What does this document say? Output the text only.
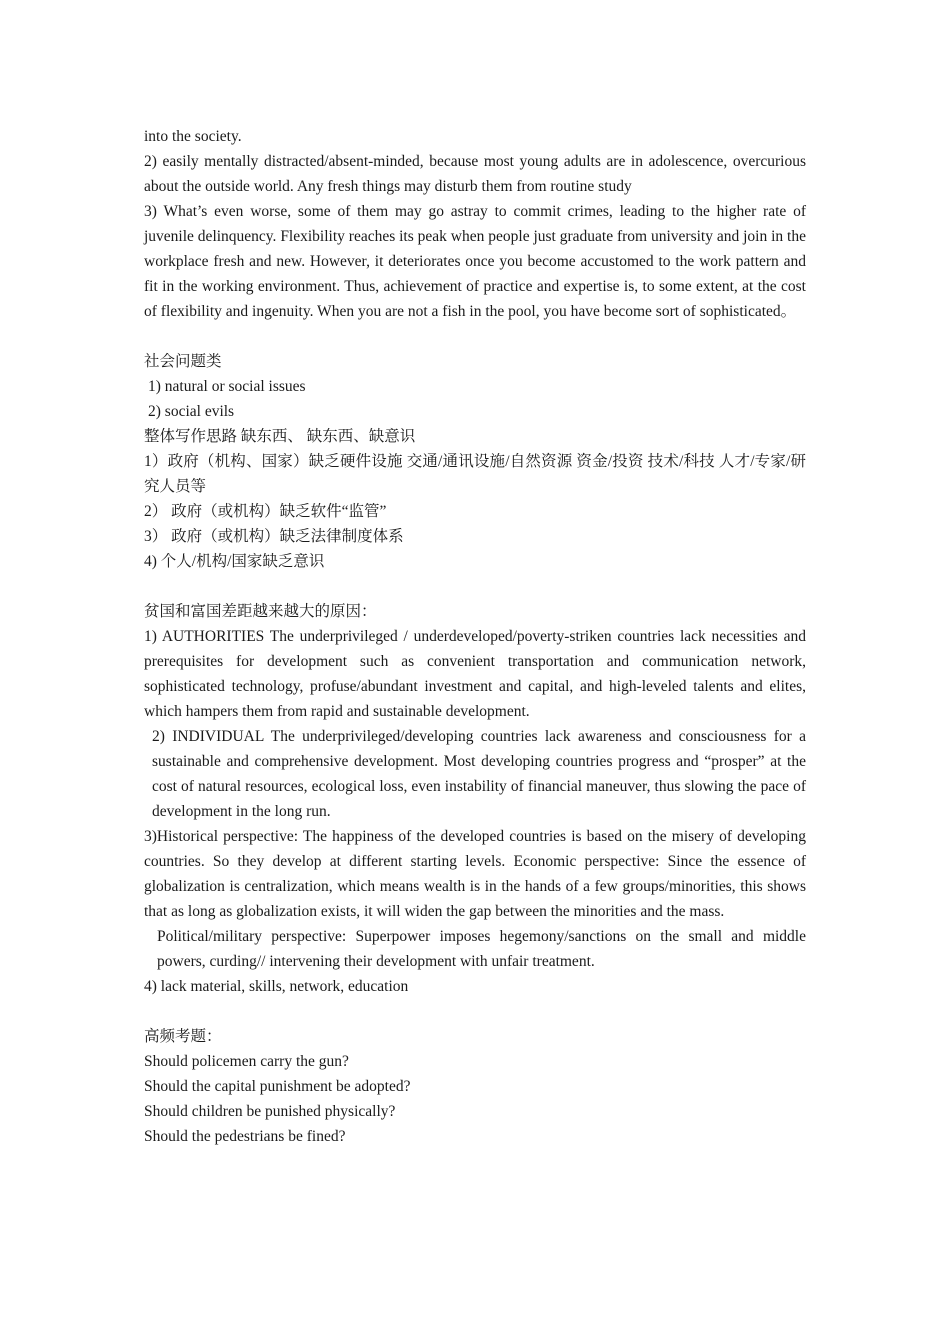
into the society.

2) easily mentally distracted/absent-minded, because most young adults are in adolescence, overcurious about the outside world. Any fresh things may disturb them from routine study

3) What’s even worse, some of them may go astray to commit crimes, leading to the higher rate of juvenile delinquency. Flexibility reaches its peak when people just graduate from university and join in the workplace fresh and new. However, it deteriorates once you become accustomed to the work pattern and fit in the working environment. Thus, achievement of practice and expertise is, to some extent, at the cost of flexibility and ingenuity. When you are not a fish in the pool, you have become sort of sophisticated。

社会问题类

1) natural or social issues

2) social evils

整体写作思路 缺东西、 缺东西、缺意识

1）政府（机构、国家）缺乏硬件设施 交通/通讯设施/自然资源 资金/投资 技术/科技 人才/专家/研究人员等

2） 政府（或机构）缺乏软件“监管”

3） 政府（或机构）缺乏法律制度体系

4) 个人/机构/国家缺乏意识

贫国和富国差距越来越大的原因：

1) AUTHORITIES The underprivileged / underdeveloped/poverty-striken countries lack necessities and prerequisites for development such as convenient transportation and communication network, sophisticated technology, profuse/abundant investment and capital, and high-leveled talents and elites, which hampers them from rapid and sustainable development.

2) INDIVIDUAL The underprivileged/developing countries lack awareness and consciousness for a sustainable and comprehensive development. Most developing countries progress and “prosper” at the cost of natural resources, ecological loss, even instability of financial maneuver, thus slowing the pace of development in the long run.

3)Historical perspective: The happiness of the developed countries is based on the misery of developing countries. So they develop at different starting levels. Economic perspective: Since the essence of globalization is centralization, which means wealth is in the hands of a few groups/minorities, this shows that as long as globalization exists, it will widen the gap between the minorities and the mass.

Political/military perspective: Superpower imposes hegemony/sanctions on the small and middle powers, curding// intervening their development with unfair treatment.

4) lack material, skills, network, education

高频考题：

Should policemen carry the gun?

Should the capital punishment be adopted?

Should children be punished physically?

Should the pedestrians be fined?
